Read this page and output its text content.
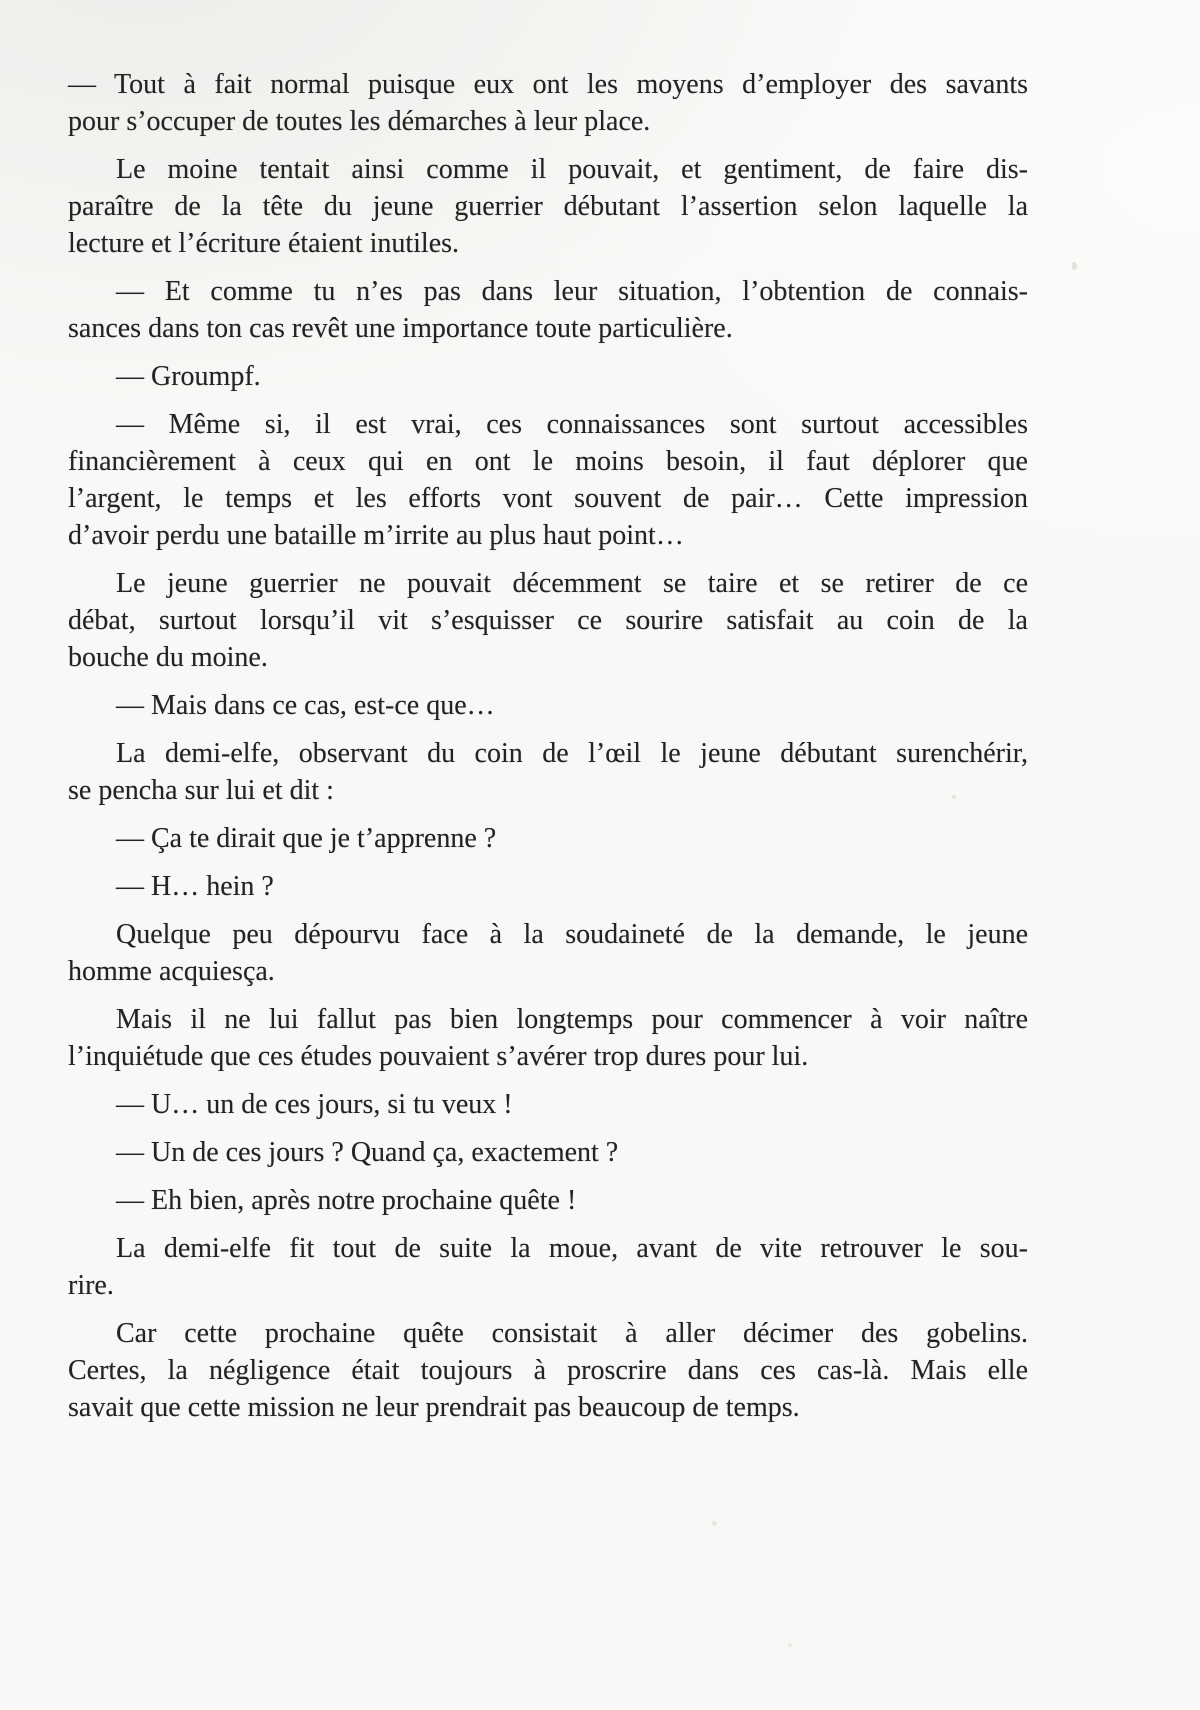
— Tout à fait normal puisque eux ont les moyens d’employer des savants
pour s’occuper de toutes les démarches à leur place.
Le moine tentait ainsi comme il pouvait, et gentiment, de faire dis-
paraître de la tête du jeune guerrier débutant l’assertion selon laquelle la
lecture et l’écriture étaient inutiles.
— Et comme tu n’es pas dans leur situation, l’obtention de connais-
sances dans ton cas revêt une importance toute particulière.
— Groumpf.
— Même si, il est vrai, ces connaissances sont surtout accessibles
financièrement à ceux qui en ont le moins besoin, il faut déplorer que
l’argent, le temps et les efforts vont souvent de pair… Cette impression
d’avoir perdu une bataille m’irrite au plus haut point…
Le jeune guerrier ne pouvait décemment se taire et se retirer de ce
débat, surtout lorsqu’il vit s’esquisser ce sourire satisfait au coin de la
bouche du moine.
— Mais dans ce cas, est-ce que…
La demi-elfe, observant du coin de l’œil le jeune débutant surenchérir,
se pencha sur lui et dit :
— Ça te dirait que je t’apprenne ?
— H… hein ?
Quelque peu dépourvu face à la soudaineté de la demande, le jeune
homme acquiesça.
Mais il ne lui fallut pas bien longtemps pour commencer à voir naître
l’inquiétude que ces études pouvaient s’avérer trop dures pour lui.
— U… un de ces jours, si tu veux !
— Un de ces jours ? Quand ça, exactement ?
— Eh bien, après notre prochaine quête !
La demi-elfe fit tout de suite la moue, avant de vite retrouver le sou-
rire.
Car cette prochaine quête consistait à aller décimer des gobelins.
Certes, la négligence était toujours à proscrire dans ces cas-là. Mais elle
savait que cette mission ne leur prendrait pas beaucoup de temps.
